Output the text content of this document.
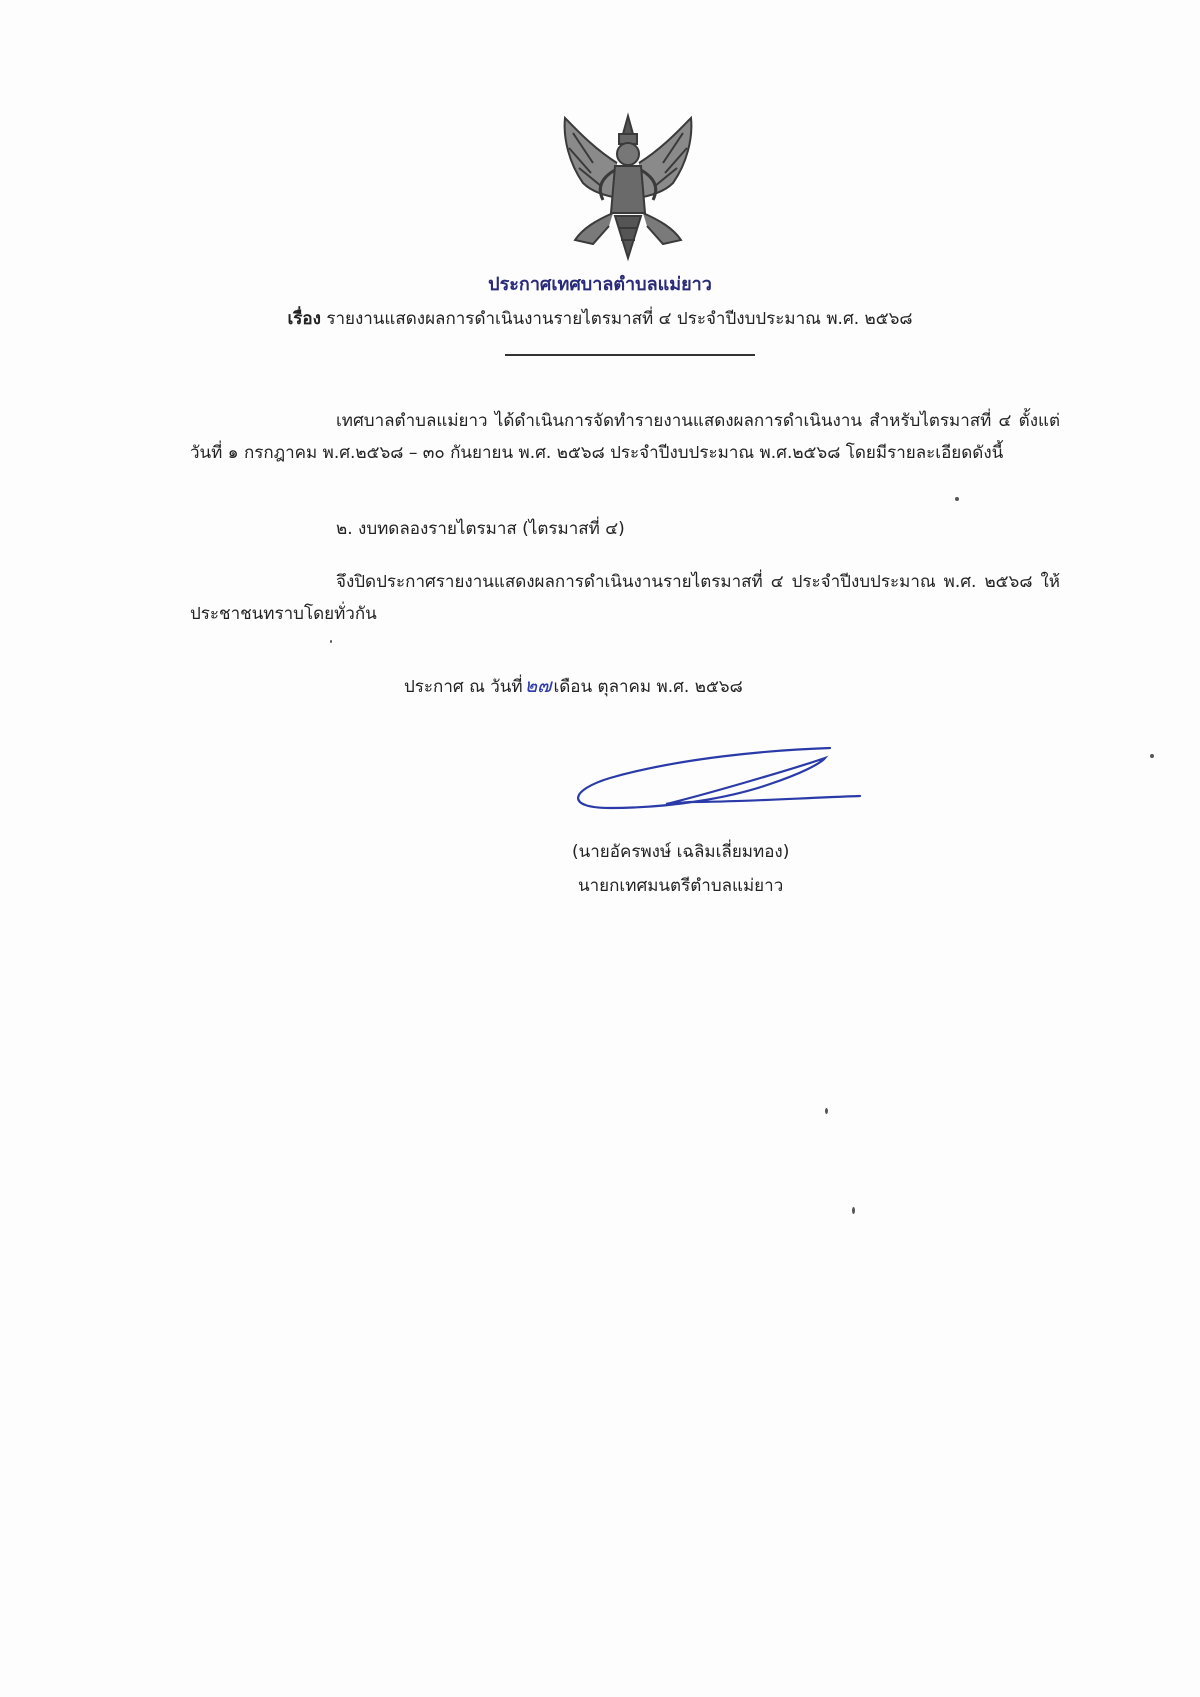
ประกาศเทศบาลตำบลแม่ยาว
เรื่อง รายงานแสดงผลการดำเนินงานรายไตรมาสที่ ๔ ประจำปีงบประมาณ พ.ศ. ๒๕๖๘
เทศบาลตำบลแม่ยาว ได้ดำเนินการจัดทำรายงานแสดงผลการดำเนินงาน สำหรับไตรมาสที่ ๔ ตั้งแต่วันที่ ๑ กรกฎาคม พ.ศ.๒๕๖๘ – ๓๐ กันยายน พ.ศ. ๒๕๖๘ ประจำปีงบประมาณ พ.ศ.๒๕๖๘ โดยมีรายละเอียดดังนี้
๒. งบทดลองรายไตรมาส (ไตรมาสที่ ๔)
จึงปิดประกาศรายงานแสดงผลการดำเนินงานรายไตรมาสที่ ๔ ประจำปีงบประมาณ พ.ศ. ๒๕๖๘ ให้ประชาชนทราบโดยทั่วกัน
ประกาศ ณ วันที่ ๒๗ เดือน ตุลาคม พ.ศ. ๒๕๖๘
(นายอัครพงษ์ เฉลิมเลี่ยมทอง)
นายกเทศมนตรีตำบลแม่ยาว
